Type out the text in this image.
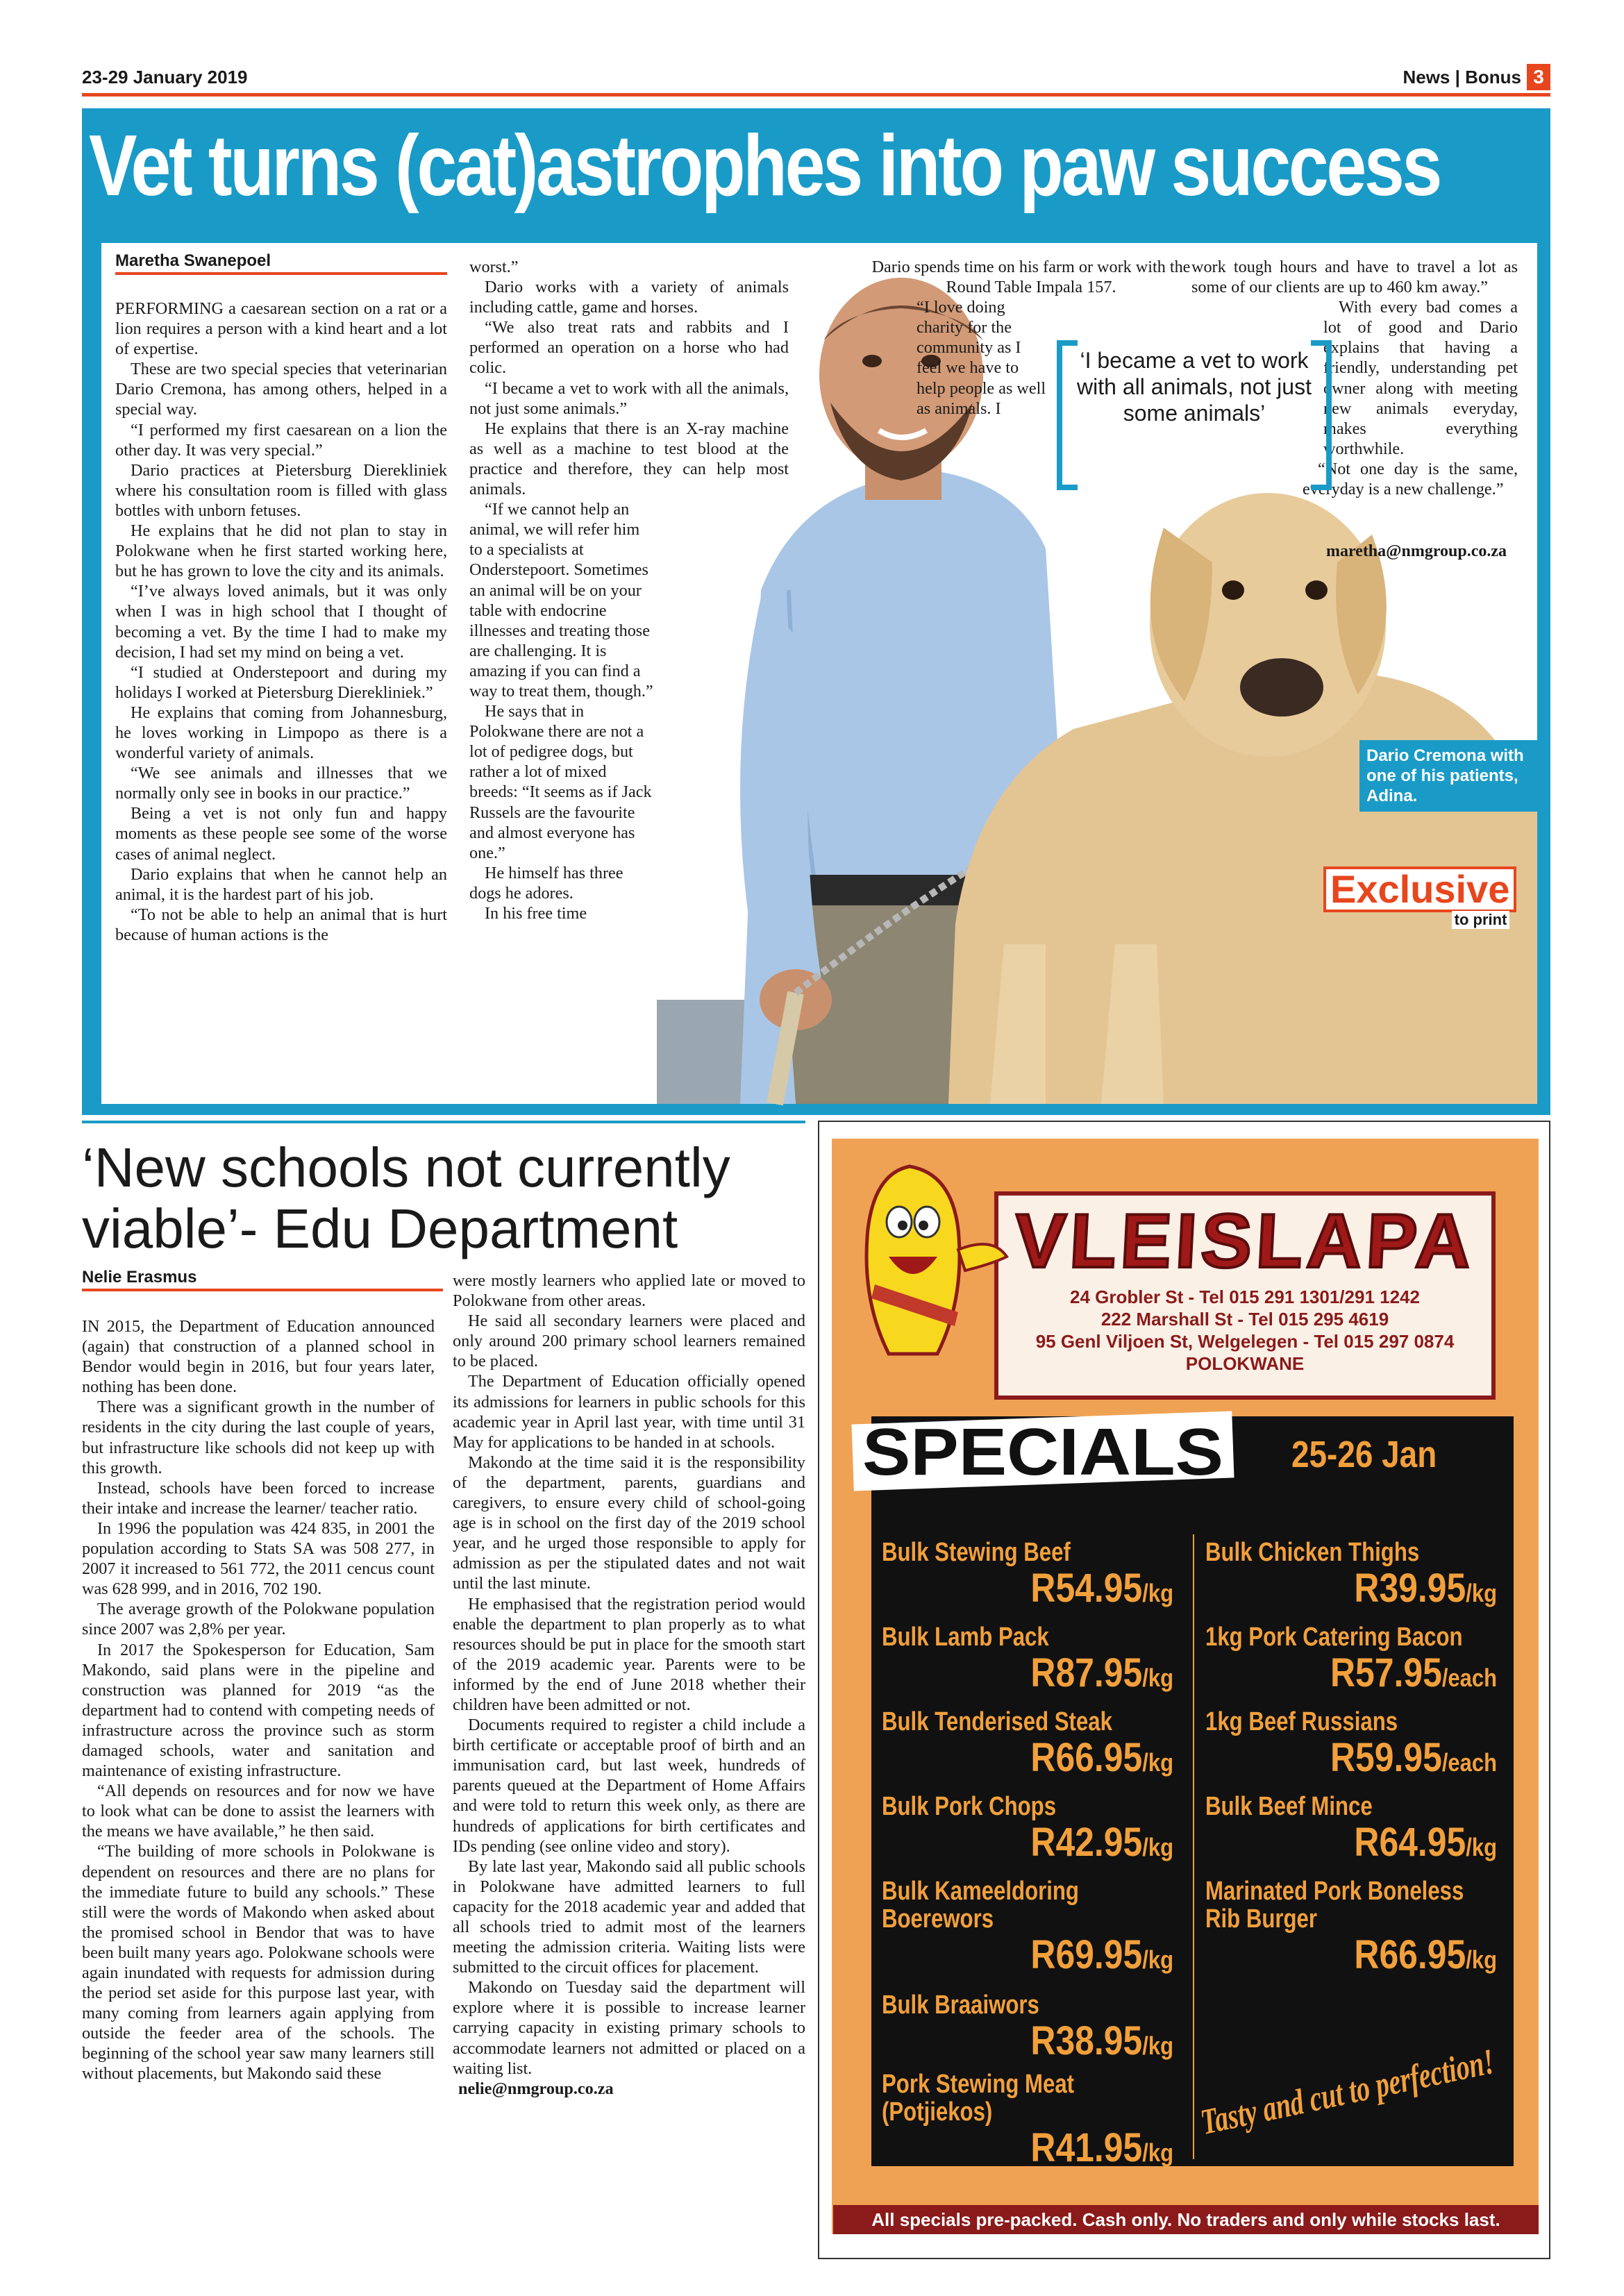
23-29 January 2019	News | Bonus 3
Vet turns (cat)astrophes into paw success
Maretha Swanepoel

PERFORMING a caesarean section on a rat or a lion requires a person with a kind heart and a lot of expertise.

These are two special species that veterinarian Dario Cremona, has among others, helped in a special way.

“I performed my first caesarean on a lion the other day. It was very special.”

Dario practices at Pietersburg Dierekliniek where his consultation room is filled with glass bottles with unborn fetuses.

He explains that he did not plan to stay in Polokwane when he first started working here, but he has grown to love the city and its animals.

“I’ve always loved animals, but it was only when I was in high school that I thought of becoming a vet. By the time I had to make my decision, I had set my mind on being a vet.

“I studied at Onderstepoort and during my holidays I worked at Pietersburg Dierekliniek.”

He explains that coming from Johannesburg, he loves working in Limpopo as there is a wonderful variety of animals.

“We see animals and illnesses that we normally only see in books in our practice.”

Being a vet is not only fun and happy moments as these people see some of the worse cases of animal neglect.

Dario explains that when he cannot help an animal, it is the hardest part of his job.

“To not be able to help an animal that is hurt because of human actions is the

worst.”

Dario works with a variety of animals including cattle, game and horses.

“We also treat rats and rabbits and I performed an operation on a horse who had colic.

“I became a vet to work with all the animals, not just some animals.”

He explains that there is an X-ray machine as well as a machine to test blood at the practice and therefore, they can help most animals.

“If we cannot help an animal, we will refer him to a specialists at Onderstepoort. Sometimes an animal will be on your table with endocrine illnesses and treating those are challenging. It is amazing if you can find a way to treat them, though.”

He says that in Polokwane there are not a lot of pedigree dogs, but rather a lot of mixed breeds: “It seems as if Jack Russels are the favourite and almost everyone has one.”

He himself has three dogs he adores.

In his free time

Dario spends time on his farm or work with the Round Table Impala 157.

“I love doing charity for the community as I feel we have to help people as well as animals. I

work tough hours and have to travel a lot as some of our clients are up to 460 km away.”

With every bad comes a lot of good and Dario explains that having a friendly, understanding pet owner along with meeting new animals everyday, makes everything worthwhile.

“Not one day is the same, everyday is a new challenge.”

‘I became a vet to work with all animals, not just some animals’
maretha@nmgroup.co.za
Dario Cremona with one of his patients, Adina.
Exclusive
to print
‘New schools not currently viable’- Edu Department
Nelie Erasmus

IN 2015, the Department of Education announced (again) that construction of a planned school in Bendor would begin in 2016, but four years later, nothing has been done.

There was a significant growth in the number of residents in the city during the last couple of years, but infrastructure like schools did not keep up with this growth.

Instead, schools have been forced to increase their intake and increase the learner/ teacher ratio.

In 1996 the population was 424 835, in 2001 the population according to Stats SA was 508 277, in 2007 it increased to 561 772, the 2011 cencus count was 628 999, and in 2016, 702 190.

The average growth of the Polokwane population since 2007 was 2,8% per year.

In 2017 the Spokesperson for Education, Sam Makondo, said plans were in the pipeline and construction was planned for 2019 “as the department had to contend with competing needs of infrastructure across the province such as storm damaged schools, water and sanitation and maintenance of existing infrastructure.

“All depends on resources and for now we have to look what can be done to assist the learners with the means we have available,” he then said.

“The building of more schools in Polokwane is dependent on resources and there are no plans for the immediate future to build any schools.” These still were the words of Makondo when asked about the promised school in Bendor that was to have been built many years ago. Polokwane schools were again inundated with requests for admission during the period set aside for this purpose last year, with many coming from learners again applying from outside the feeder area of the schools. The beginning of the school year saw many learners still without placements, but Makondo said these

were mostly learners who applied late or moved to Polokwane from other areas.

He said all secondary learners were placed and only around 200 primary school learners remained to be placed.

The Department of Education officially opened its admissions for learners in public schools for this academic year in April last year, with time until 31 May for applications to be handed in at schools.

Makondo at the time said it is the responsibility of the department, parents, guardians and caregivers, to ensure every child of school-going age is in school on the first day of the 2019 school year, and he urged those responsible to apply for admission as per the stipulated dates and not wait until the last minute.

He emphasised that the registration period would enable the department to plan properly as to what resources should be put in place for the smooth start of the 2019 academic year. Parents were to be informed by the end of June 2018 whether their children have been admitted or not.

Documents required to register a child include a birth certificate or acceptable proof of birth and an immunisation card, but last week, hundreds of parents queued at the Department of Home Affairs and were told to return this week only, as there are hundreds of applications for birth certificates and IDs pending (see online video and story).

By late last year, Makondo said all public schools in Polokwane have admitted learners to full capacity for the 2018 academic year and added that all schools tried to admit most of the learners meeting the admission criteria. Waiting lists were submitted to the circuit offices for placement.

Makondo on Tuesday said the department will explore where it is possible to increase learner carrying capacity in existing primary schools to accommodate learners not admitted or placed on a waiting list.

nelie@nmgroup.co.za

VLEISLAPA
24 Grobler St - Tel 015 291 1301/291 1242
222 Marshall St - Tel 015 295 4619
95 Genl Viljoen St, Welgelegen - Tel 015 297 0874
POLOKWANE
SPECIALS 25-26 Jan
Bulk Stewing Beef
R54.95/kg
Bulk Lamb Pack
R87.95/kg
Bulk Tenderised Steak
R66.95/kg
Bulk Pork Chops
R42.95/kg
Bulk Kameeldoring Boerewors
R69.95/kg
Bulk Braaiwors
R38.95/kg
Pork Stewing Meat (Potjiekos)
R41.95/kg
Bulk Chicken Thighs
R39.95/kg
1kg Pork Catering Bacon
R57.95/each
1kg Beef Russians
R59.95/each
Bulk Beef Mince
R64.95/kg
Marinated Pork Boneless Rib Burger
R66.95/kg
Tasty and cut to perfection!
All specials pre-packed. Cash only. No traders and only while stocks last.
